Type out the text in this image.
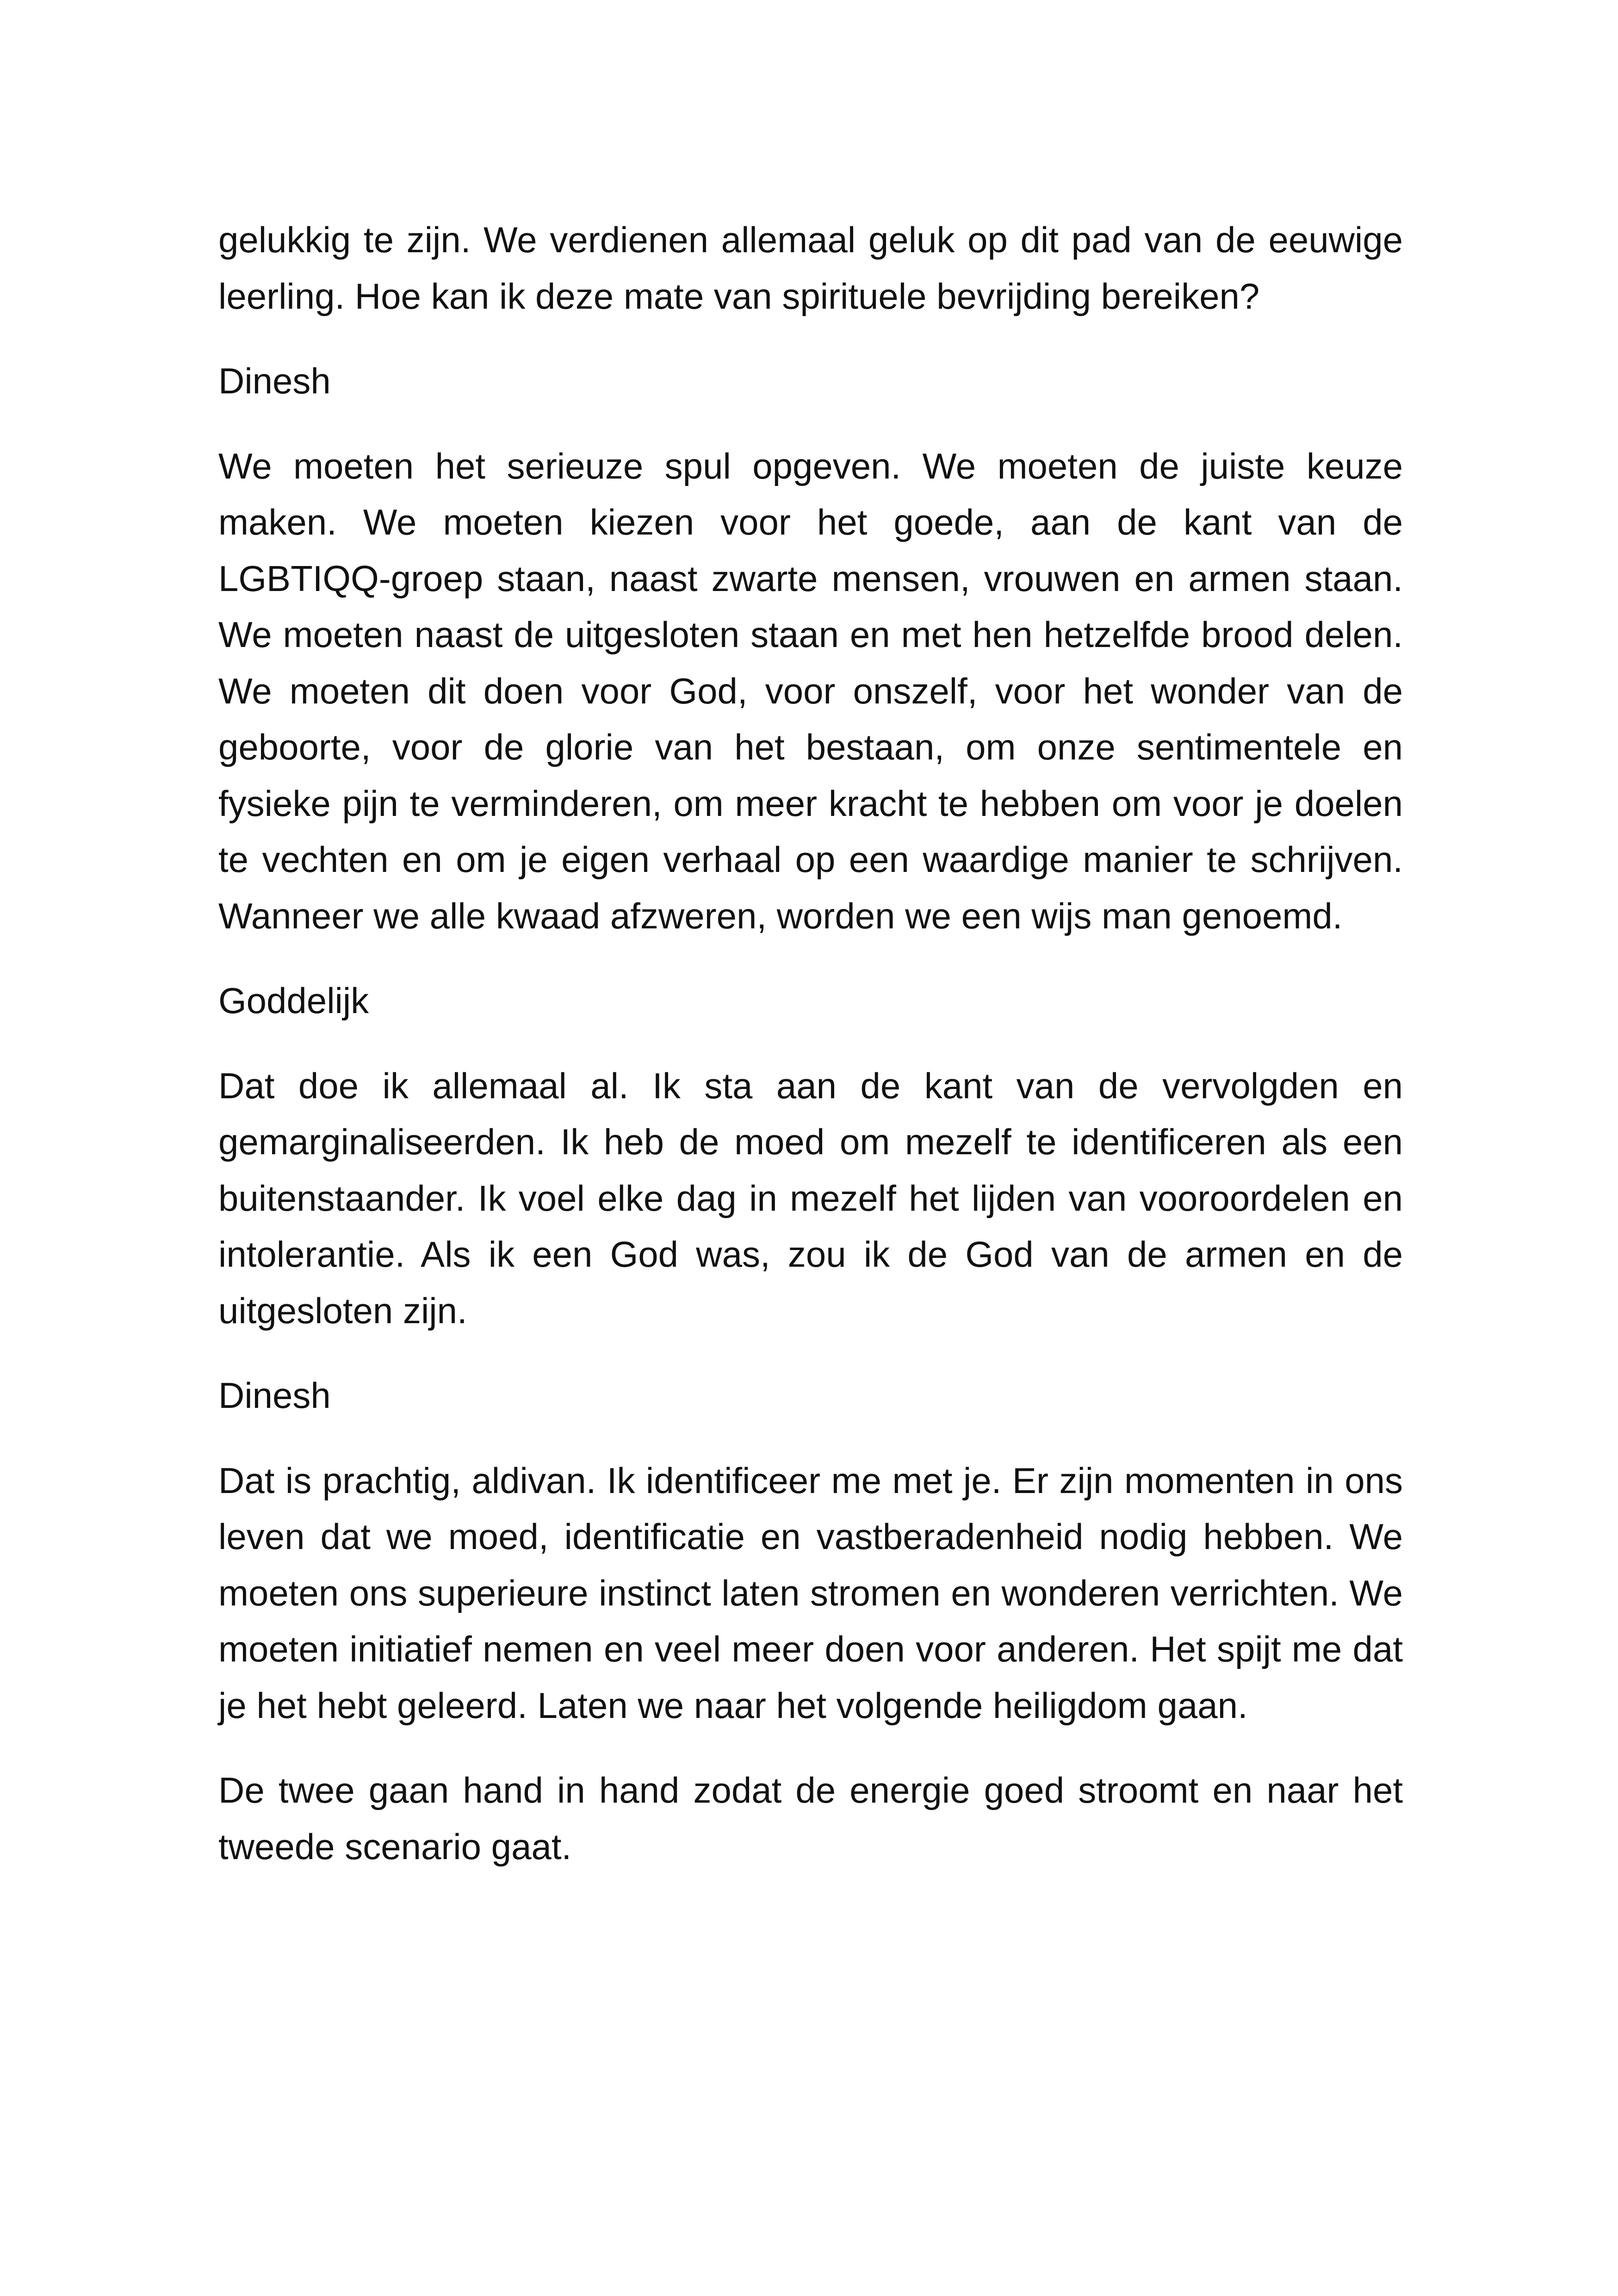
gelukkig te zijn. We verdienen allemaal geluk op dit pad van de eeuwige leerling. Hoe kan ik deze mate van spirituele bevrijding bereiken?

Dinesh

We moeten het serieuze spul opgeven. We moeten de juiste keuze maken. We moeten kiezen voor het goede, aan de kant van de LGBTIQQ-groep staan, naast zwarte mensen, vrouwen en armen staan. We moeten naast de uitgesloten staan en met hen hetzelfde brood delen. We moeten dit doen voor God, voor onszelf, voor het wonder van de geboorte, voor de glorie van het bestaan, om onze sentimentele en fysieke pijn te verminderen, om meer kracht te hebben om voor je doelen te vechten en om je eigen verhaal op een waardige manier te schrijven. Wanneer we alle kwaad afzweren, worden we een wijs man genoemd.

Goddelijk

Dat doe ik allemaal al. Ik sta aan de kant van de vervolgden en gemarginaliseerden. Ik heb de moed om mezelf te identificeren als een buitenstaander. Ik voel elke dag in mezelf het lijden van vooroordelen en intolerantie. Als ik een God was, zou ik de God van de armen en de uitgesloten zijn.

Dinesh

Dat is prachtig, aldivan. Ik identificeer me met je. Er zijn momenten in ons leven dat we moed, identificatie en vastberadenheid nodig hebben. We moeten ons superieure instinct laten stromen en wonderen verrichten. We moeten initiatief nemen en veel meer doen voor anderen. Het spijt me dat je het hebt geleerd. Laten we naar het volgende heiligdom gaan.

De twee gaan hand in hand zodat de energie goed stroomt en naar het tweede scenario gaat.
